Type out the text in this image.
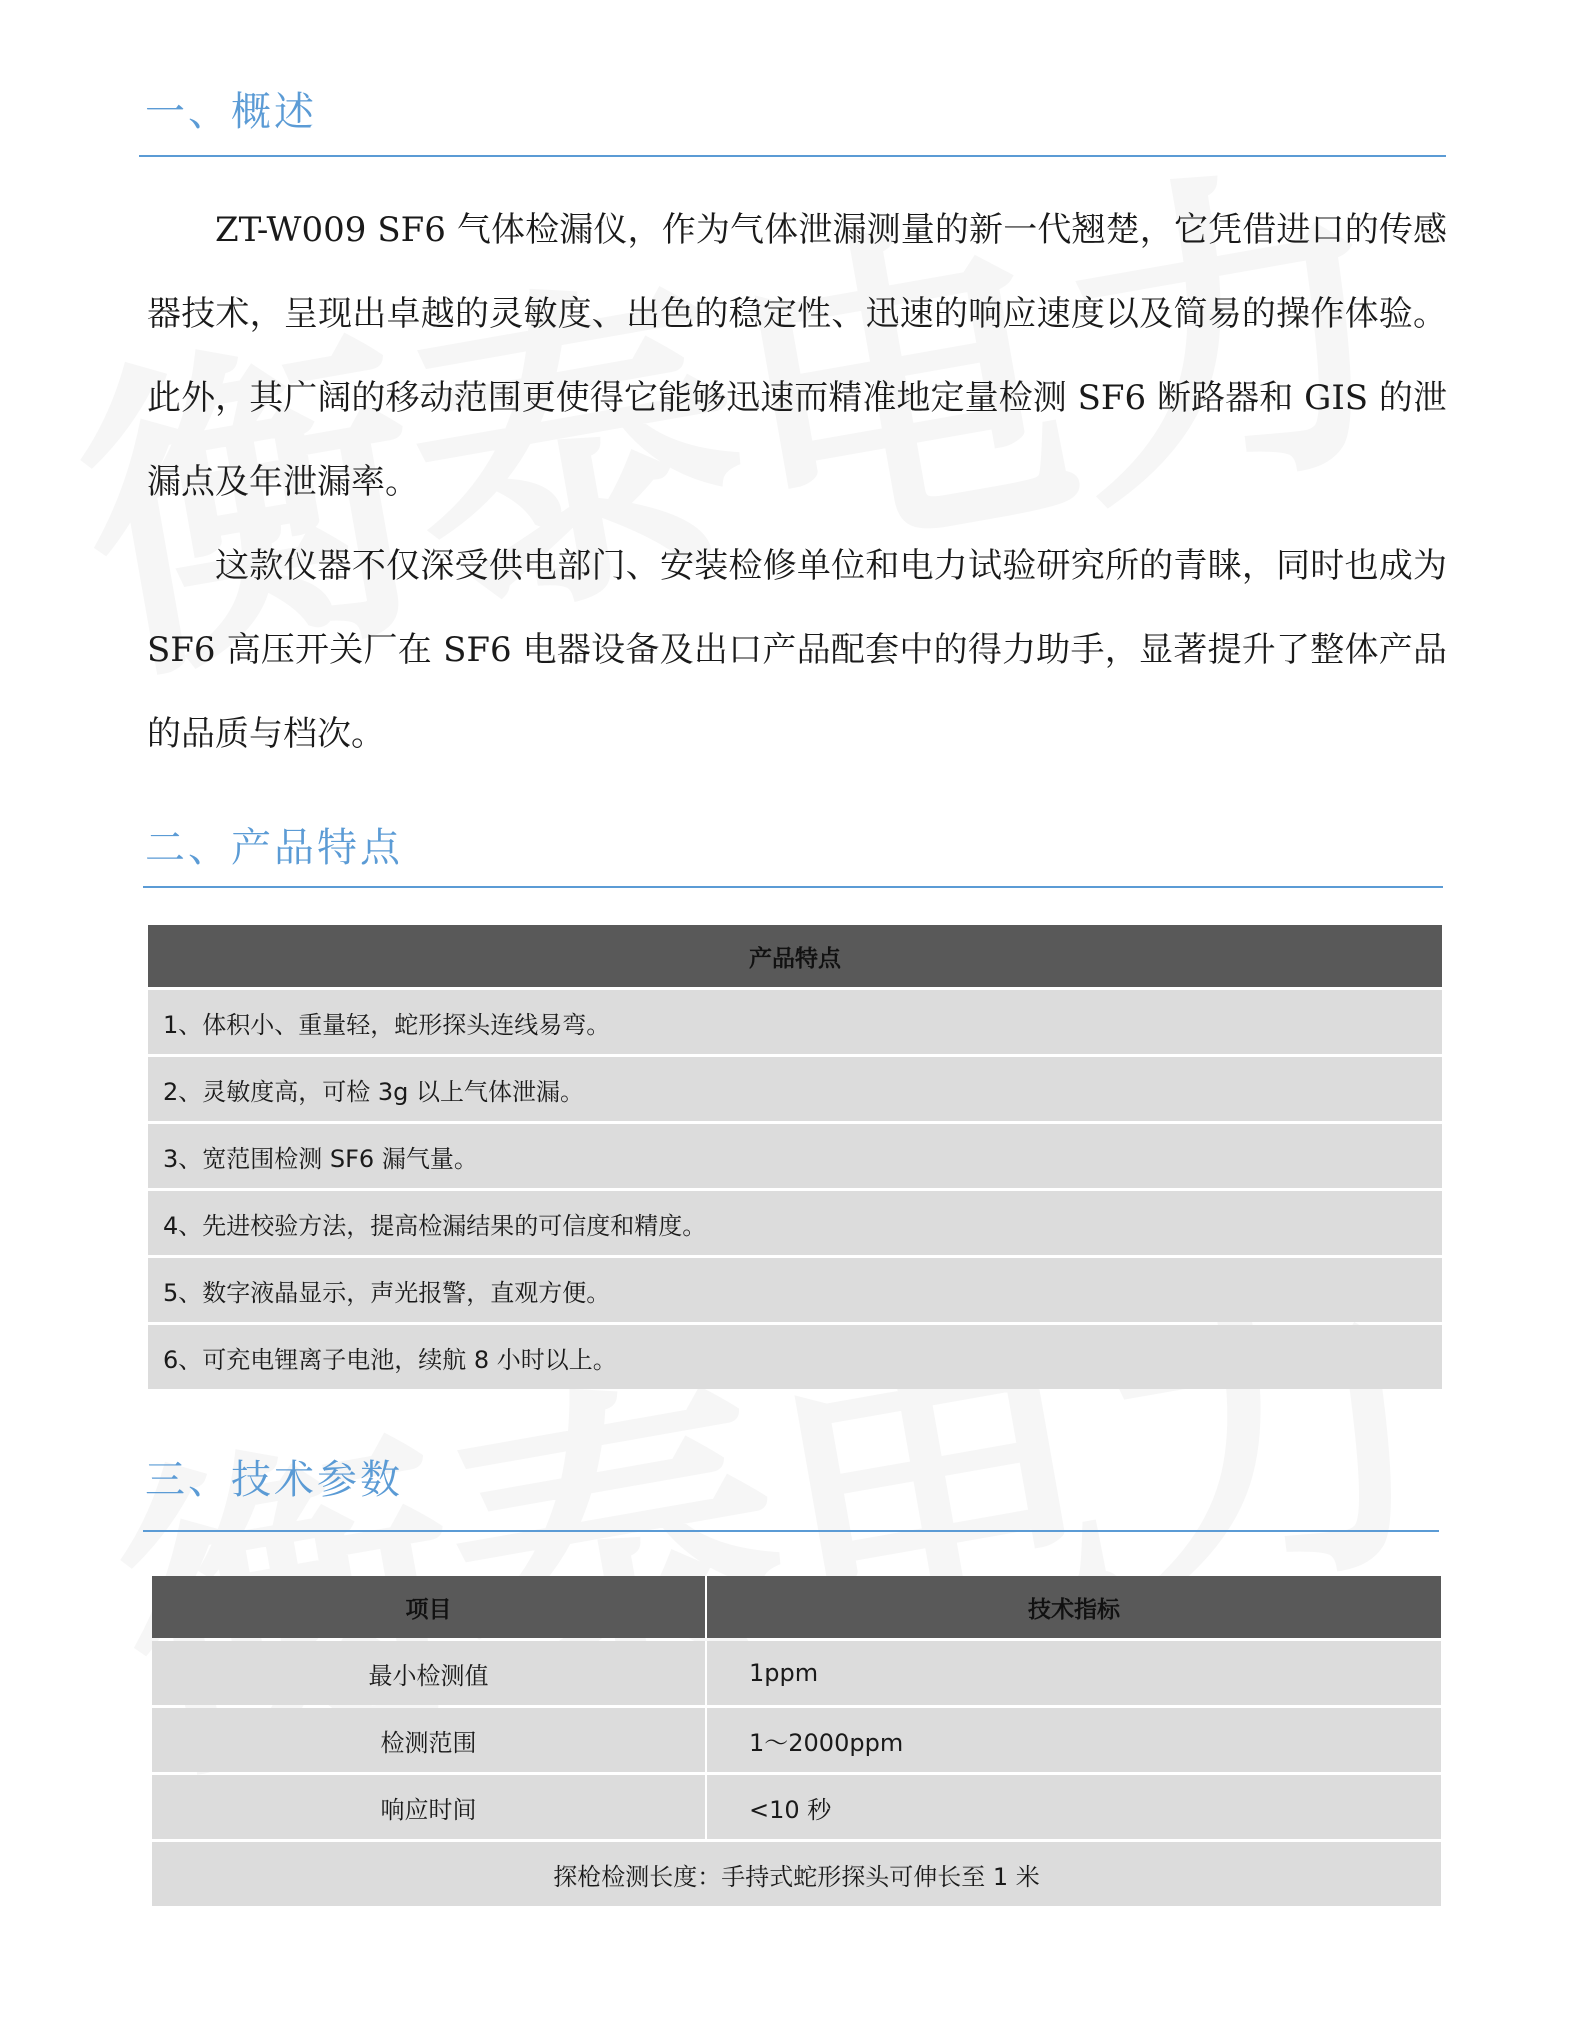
一、概述

ZT-W009 SF6 气体检漏仪，作为气体泄漏测量的新一代翘楚，它凭借进口的传感器技术，呈现出卓越的灵敏度、出色的稳定性、迅速的响应速度以及简易的操作体验。此外，其广阔的移动范围更使得它能够迅速而精准地定量检测 SF6 断路器和 GIS 的泄漏点及年泄漏率。

这款仪器不仅深受供电部门、安装检修单位和电力试验研究所的青睐，同时也成为 SF6 高压开关厂在 SF6 电器设备及出口产品配套中的得力助手，显著提升了整体产品的品质与档次。

二、产品特点
产品特点
1、体积小、重量轻，蛇形探头连线易弯。
2、灵敏度高，可检 3g 以上气体泄漏。
3、宽范围检测 SF6 漏气量。
4、先进校验方法，提高检漏结果的可信度和精度。
5、数字液晶显示，声光报警，直观方便。
6、可充电锂离子电池，续航 8 小时以上。
三、技术参数
项目	技术指标
最小检测值	1ppm
检测范围	1～2000ppm
响应时间	<10 秒
探枪检测长度：手持式蛇形探头可伸长至 1 米	
